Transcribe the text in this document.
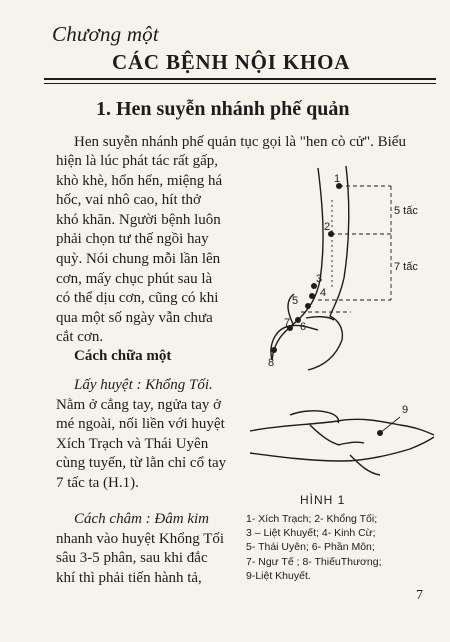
Chương một
CÁC BỆNH NỘI KHOA
1. Hen suyễn nhánh phế quản
Hen suyễn nhánh phế quản tục gọi là "hen cò cử". Biểu
hiện là lúc phát tác rất gấp,
khò khè, hổn hển, miệng há
hốc, vai nhô cao, hít thở
khó khăn. Người bệnh luôn
phải chọn tư thế ngồi hay
quỳ. Nói chung mỗi lần lên
cơn, mấy chục phút sau là
có thể dịu cơn, cũng có khi
qua một số ngày vẫn chưa
cắt cơn.
Cách chữa một
Lấy huyệt : Khổng Tối.
Nằm ở cẳng tay, ngửa tay ở
mé ngoài, nối liền với huyệt
Xích Trạch và Thái Uyên
cùng tuyến, từ lằn chỉ cổ tay
7 tấc ta (H.1).
Cách châm : Đâm kim
nhanh vào huyệt Khổng Tối
sâu 3-5 phân, sau khi đắc
khí thì phải tiến hành tả,
1
2
3
4
5
6
7
8
5 tấc
7 tấc
9
HÌNH 1
1- Xích Trạch; 2- Khổng Tối;
3 – Liệt Khuyết; 4- Kinh Cừ;
5- Thái Uyên; 6- Phần Môn;
7- Ngư Tế ; 8- ThiếuThương;
9-Liệt Khuyết.
7
